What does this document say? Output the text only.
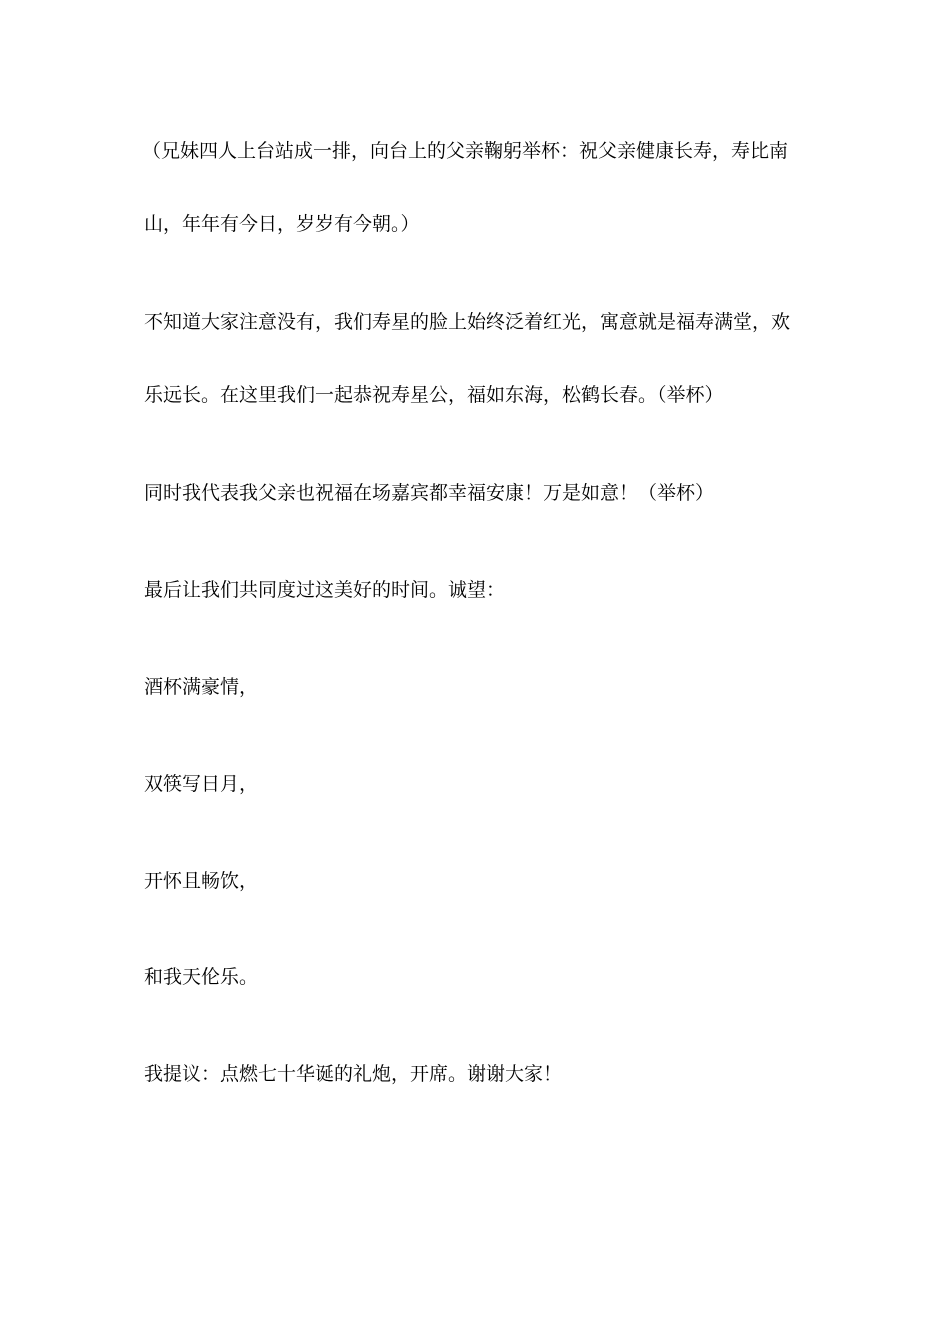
（兄妹四人上台站成一排，向台上的父亲鞠躬举杯：祝父亲健康长寿，寿比南
山，年年有今日，岁岁有今朝。）
不知道大家注意没有，我们寿星的脸上始终泛着红光，寓意就是福寿满堂，欢
乐远长。在这里我们一起恭祝寿星公，福如东海，松鹤长春。（举杯）
同时我代表我父亲也祝福在场嘉宾都幸福安康！万是如意！（举杯）
最后让我们共同度过这美好的时间。诚望：
酒杯满豪情，
双筷写日月，
开怀且畅饮，
和我天伦乐。
我提议：点燃七十华诞的礼炮，开席。谢谢大家！
